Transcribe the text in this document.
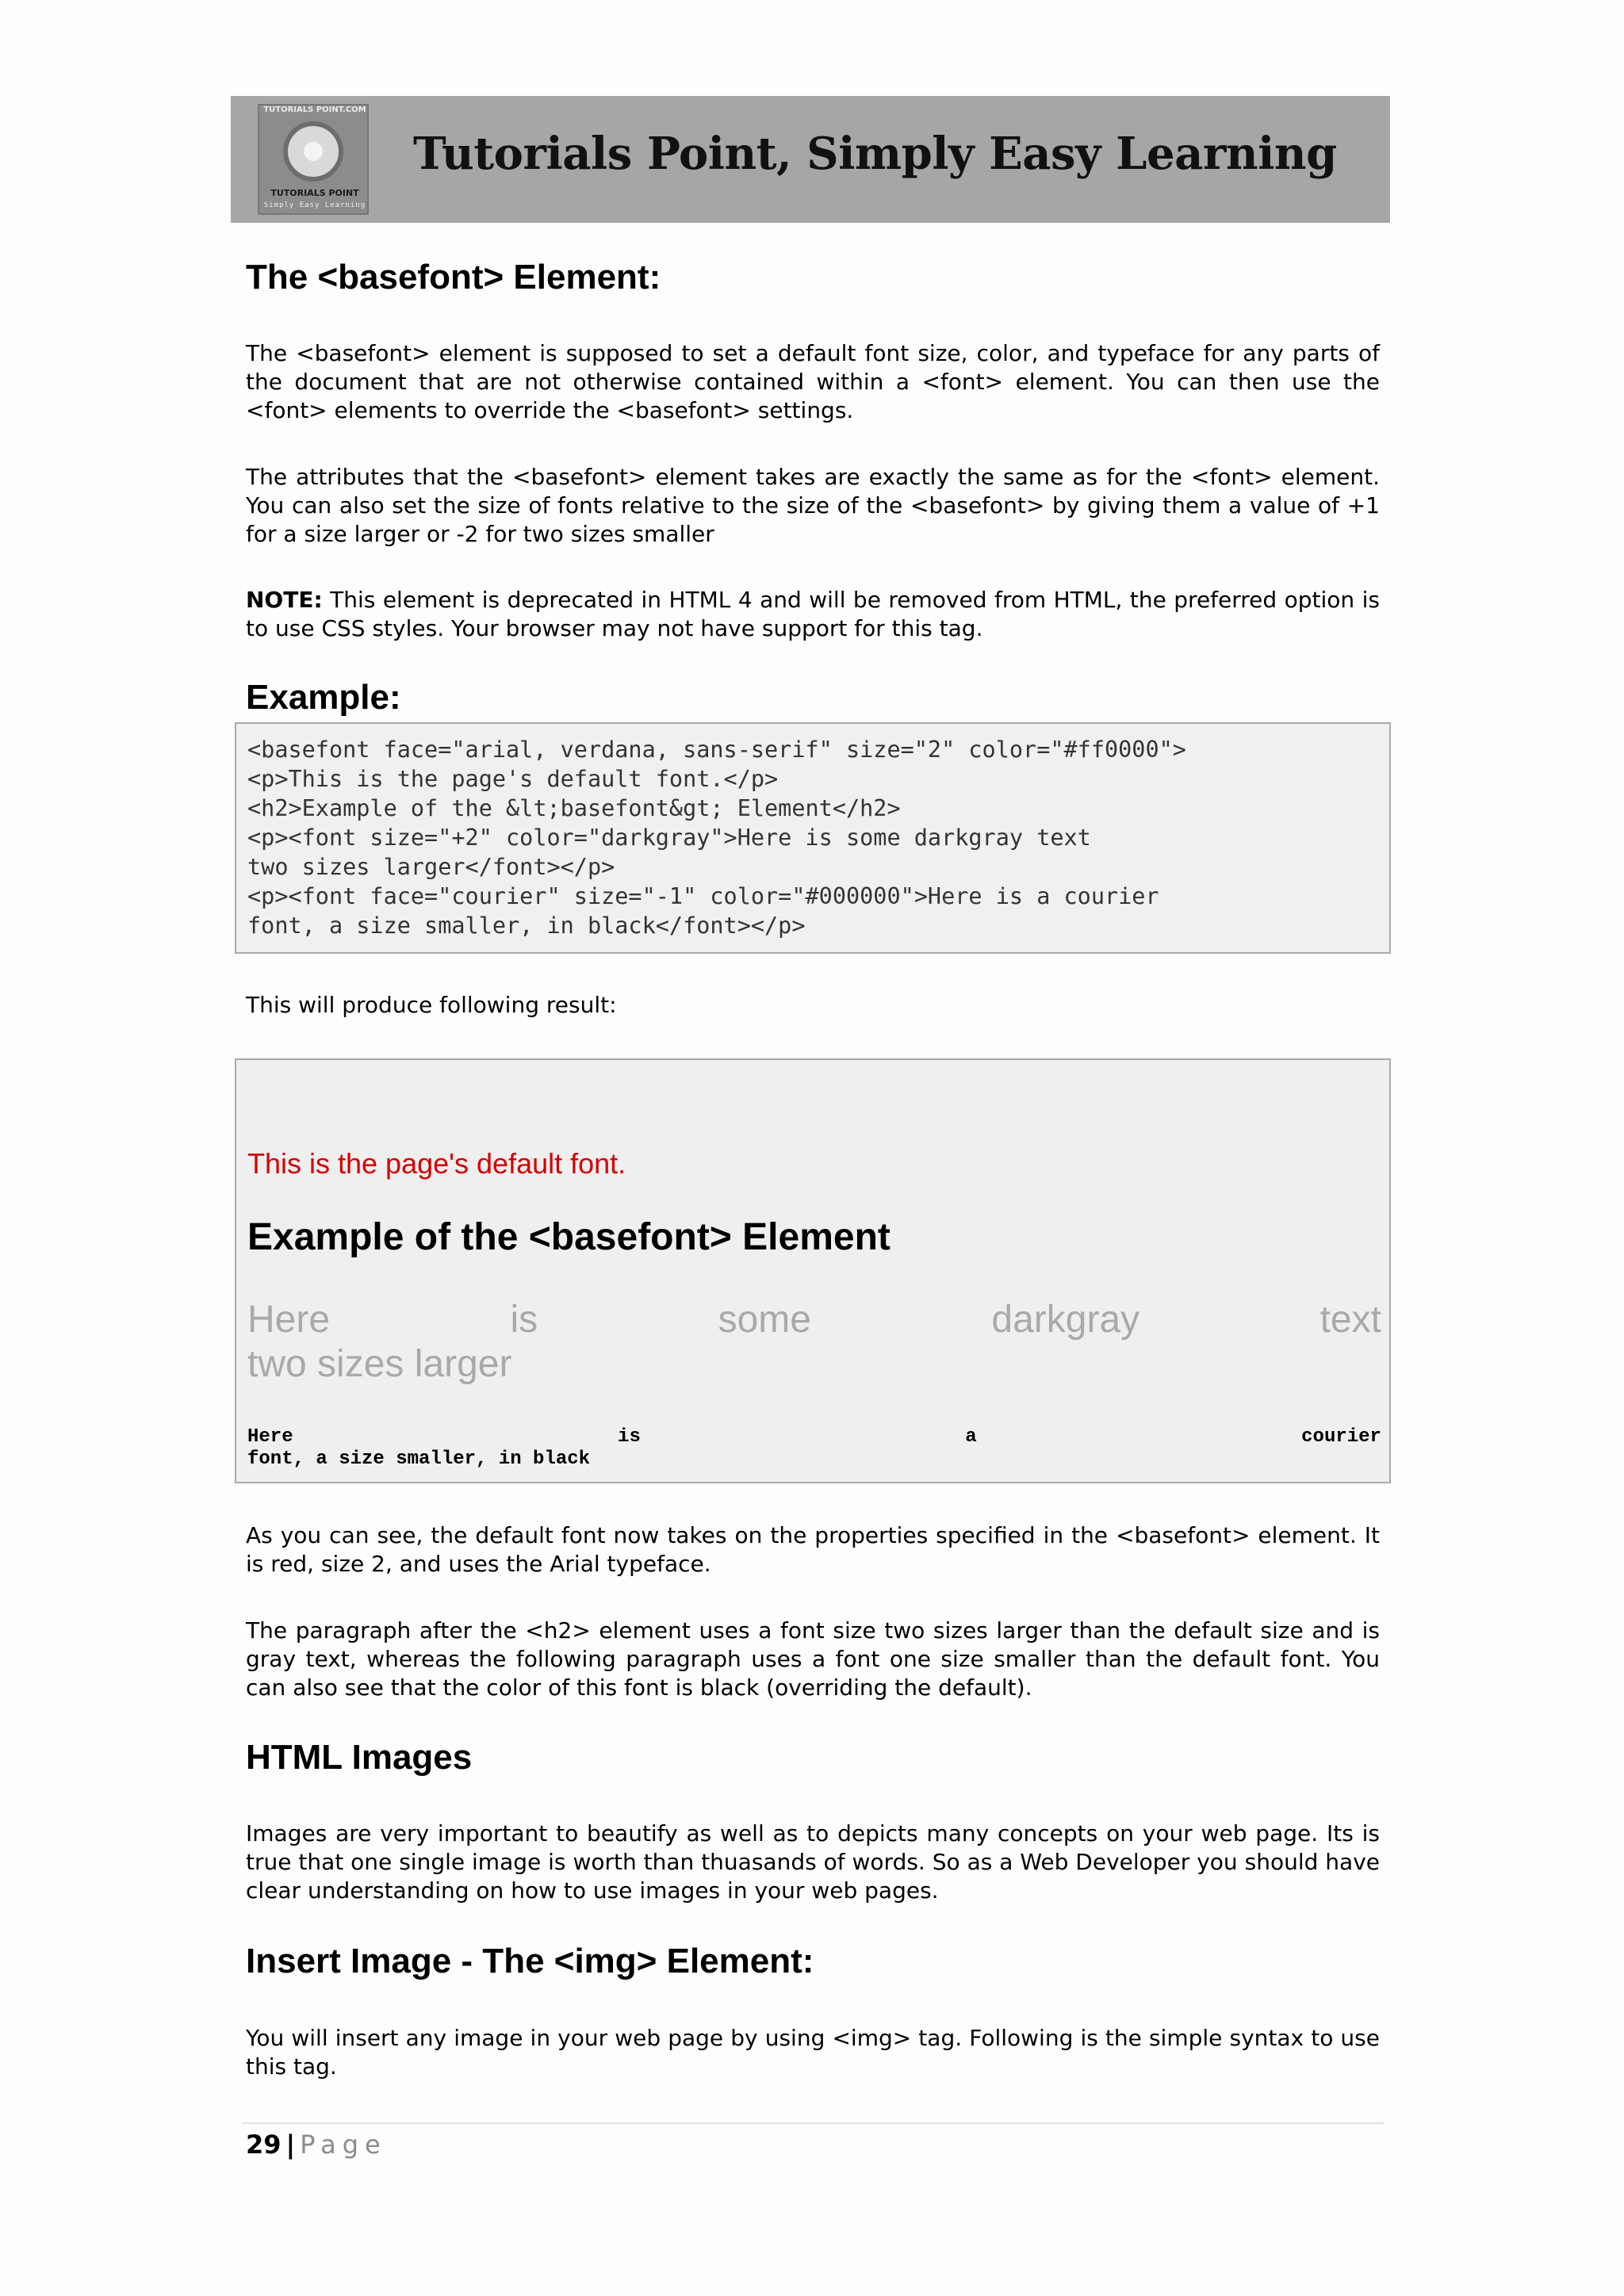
TUTORIALS POINT.COM
TUTORIALS POINT
Simply Easy Learning
Tutorials Point, Simply Easy Learning
The <basefont> Element:

The <basefont> element is supposed to set a default font size, color, and typeface for any parts of the document that are not otherwise contained within a <font> element. You can then use the <font> elements to override the <basefont> settings.

The attributes that the <basefont> element takes are exactly the same as for the <font> element. You can also set the size of fonts relative to the size of the <basefont> by giving them a value of +1 for a size larger or -2 for two sizes smaller

NOTE: This element is deprecated in HTML 4 and will be removed from HTML, the preferred option is to use CSS styles. Your browser may not have support for this tag.

Example:
<basefont face="arial, verdana, sans-serif" size="2" color="#ff0000">
<p>This is the page's default font.</p>
<h2>Example of the &lt;basefont&gt; Element</h2>
<p><font size="+2" color="darkgray">Here is some darkgray text
two sizes larger</font></p>
<p><font face="courier" size="-1" color="#000000">Here is a courier
font, a size smaller, in black</font></p>

This will produce following result:

This is the page's default font.
Example of the <basefont> Element
Here	is	some	darkgray	text
two sizes larger
Here	is	a	courier
font, a size smaller, in black

As you can see, the default font now takes on the properties specified in the <basefont> element. It is red, size 2, and uses the Arial typeface.

The paragraph after the <h2> element uses a font size two sizes larger than the default size and is gray text, whereas the following paragraph uses a font one size smaller than the default font. You can also see that the color of this font is black (overriding the default).

HTML Images

Images are very important to beautify as well as to depicts many concepts on your web page. Its is true that one single image is worth than thuasands of words. So as a Web Developer you should have clear understanding on how to use images in your web pages.

Insert Image - The <img> Element:

You will insert any image in your web page by using <img> tag. Following is the simple syntax to use this tag.

29 | Page
